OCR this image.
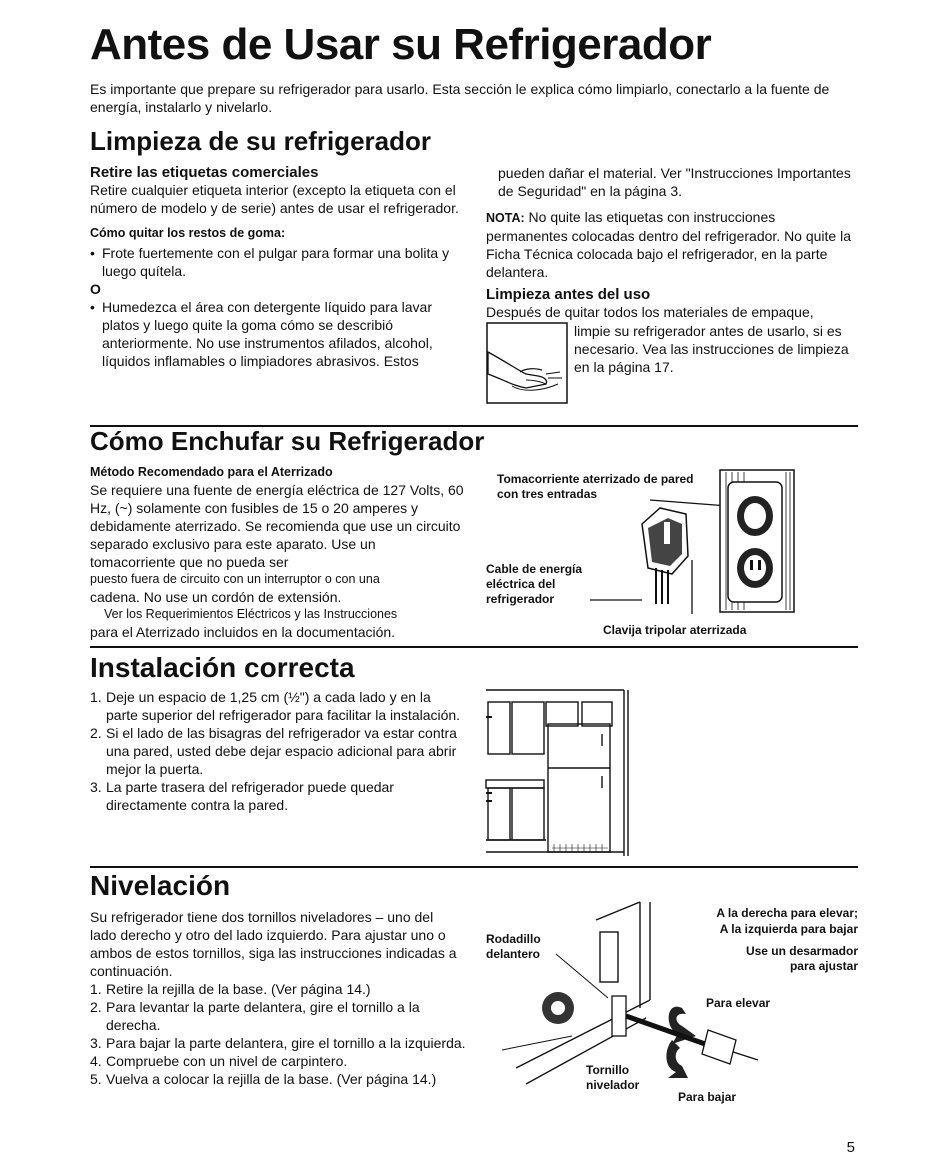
Antes de Usar su Refrigerador

Es importante que prepare su refrigerador para usarlo. Esta sección le explica cómo limpiarlo, conectarlo a la fuente de energía, instalarlo y nivelarlo.

Limpieza de su refrigerador

Retire las etiquetas comerciales

Retire cualquier etiqueta interior (excepto la etiqueta con el número de modelo y de serie) antes de usar el refrigerador.

Cómo quitar los restos de goma:

• Frote fuertemente con el pulgar para formar una bolita y luego quítela.

O

• Humedezca el área con detergente líquido para lavar platos y luego quite la goma cómo se describió anteriormente. No use instrumentos afilados, alcohol, líquidos inflamables o limpiadores abrasivos. Estos

pueden dañar el material. Ver "Instrucciones Importantes de Seguridad" en la página 3.

NOTA: No quite las etiquetas con instrucciones permanentes colocadas dentro del refrigerador. No quite la Ficha Técnica colocada bajo el refrigerador, en la parte delantera.

Limpieza antes del uso

Después de quitar todos los materiales de empaque,

limpie su refrigerador antes de usarlo, si es necesario. Vea las instrucciones de limpieza en la página 17.

Cómo Enchufar su Refrigerador

Método Recomendado para el Aterrizado

Se requiere una fuente de energía eléctrica de 127 Volts, 60 Hz, (~) solamente con fusibles de 15 o 20 amperes y debidamente aterrizado. Se recomienda que use un circuito separado exclusivo para este aparato. Use un tomacorriente que no pueda ser

puesto fuera de circuito con un interruptor o con una

cadena. No use un cordón de extensión.

Ver los Requerimientos Eléctricos y las Instrucciones

para el Aterrizado incluidos en la documentación.

Tomacorriente aterrizado de pared con tres entradas
Cable de energía eléctrica del refrigerador
Clavija tripolar aterrizada
Instalación correcta
1. Deje un espacio de 1,25 cm (½") a cada lado y en la parte superior del refrigerador para facilitar la instalación.
2. Si el lado de las bisagras del refrigerador va estar contra una pared, usted debe dejar espacio adicional para abrir mejor la puerta.
3. La parte trasera del refrigerador puede quedar directamente contra la pared.
Nivelación

Su refrigerador tiene dos tornillos niveladores – uno del lado derecho y otro del lado izquierdo. Para ajustar uno o ambos de estos tornillos, siga las instrucciones indicadas a continuación.

1. Retire la rejilla de la base. (Ver página 14.)
2. Para levantar la parte delantera, gire el tornillo a la derecha.
3. Para bajar la parte delantera, gire el tornillo a la izquierda.
4. Compruebe con un nivel de carpintero.
5. Vuelva a colocar la rejilla de la base. (Ver página 14.)
Rodadillo delantero
Tornillo nivelador
A la derecha para elevar;
A la izquierda para bajar
Use un desarmador para ajustar
Para elevar
Para bajar
5
